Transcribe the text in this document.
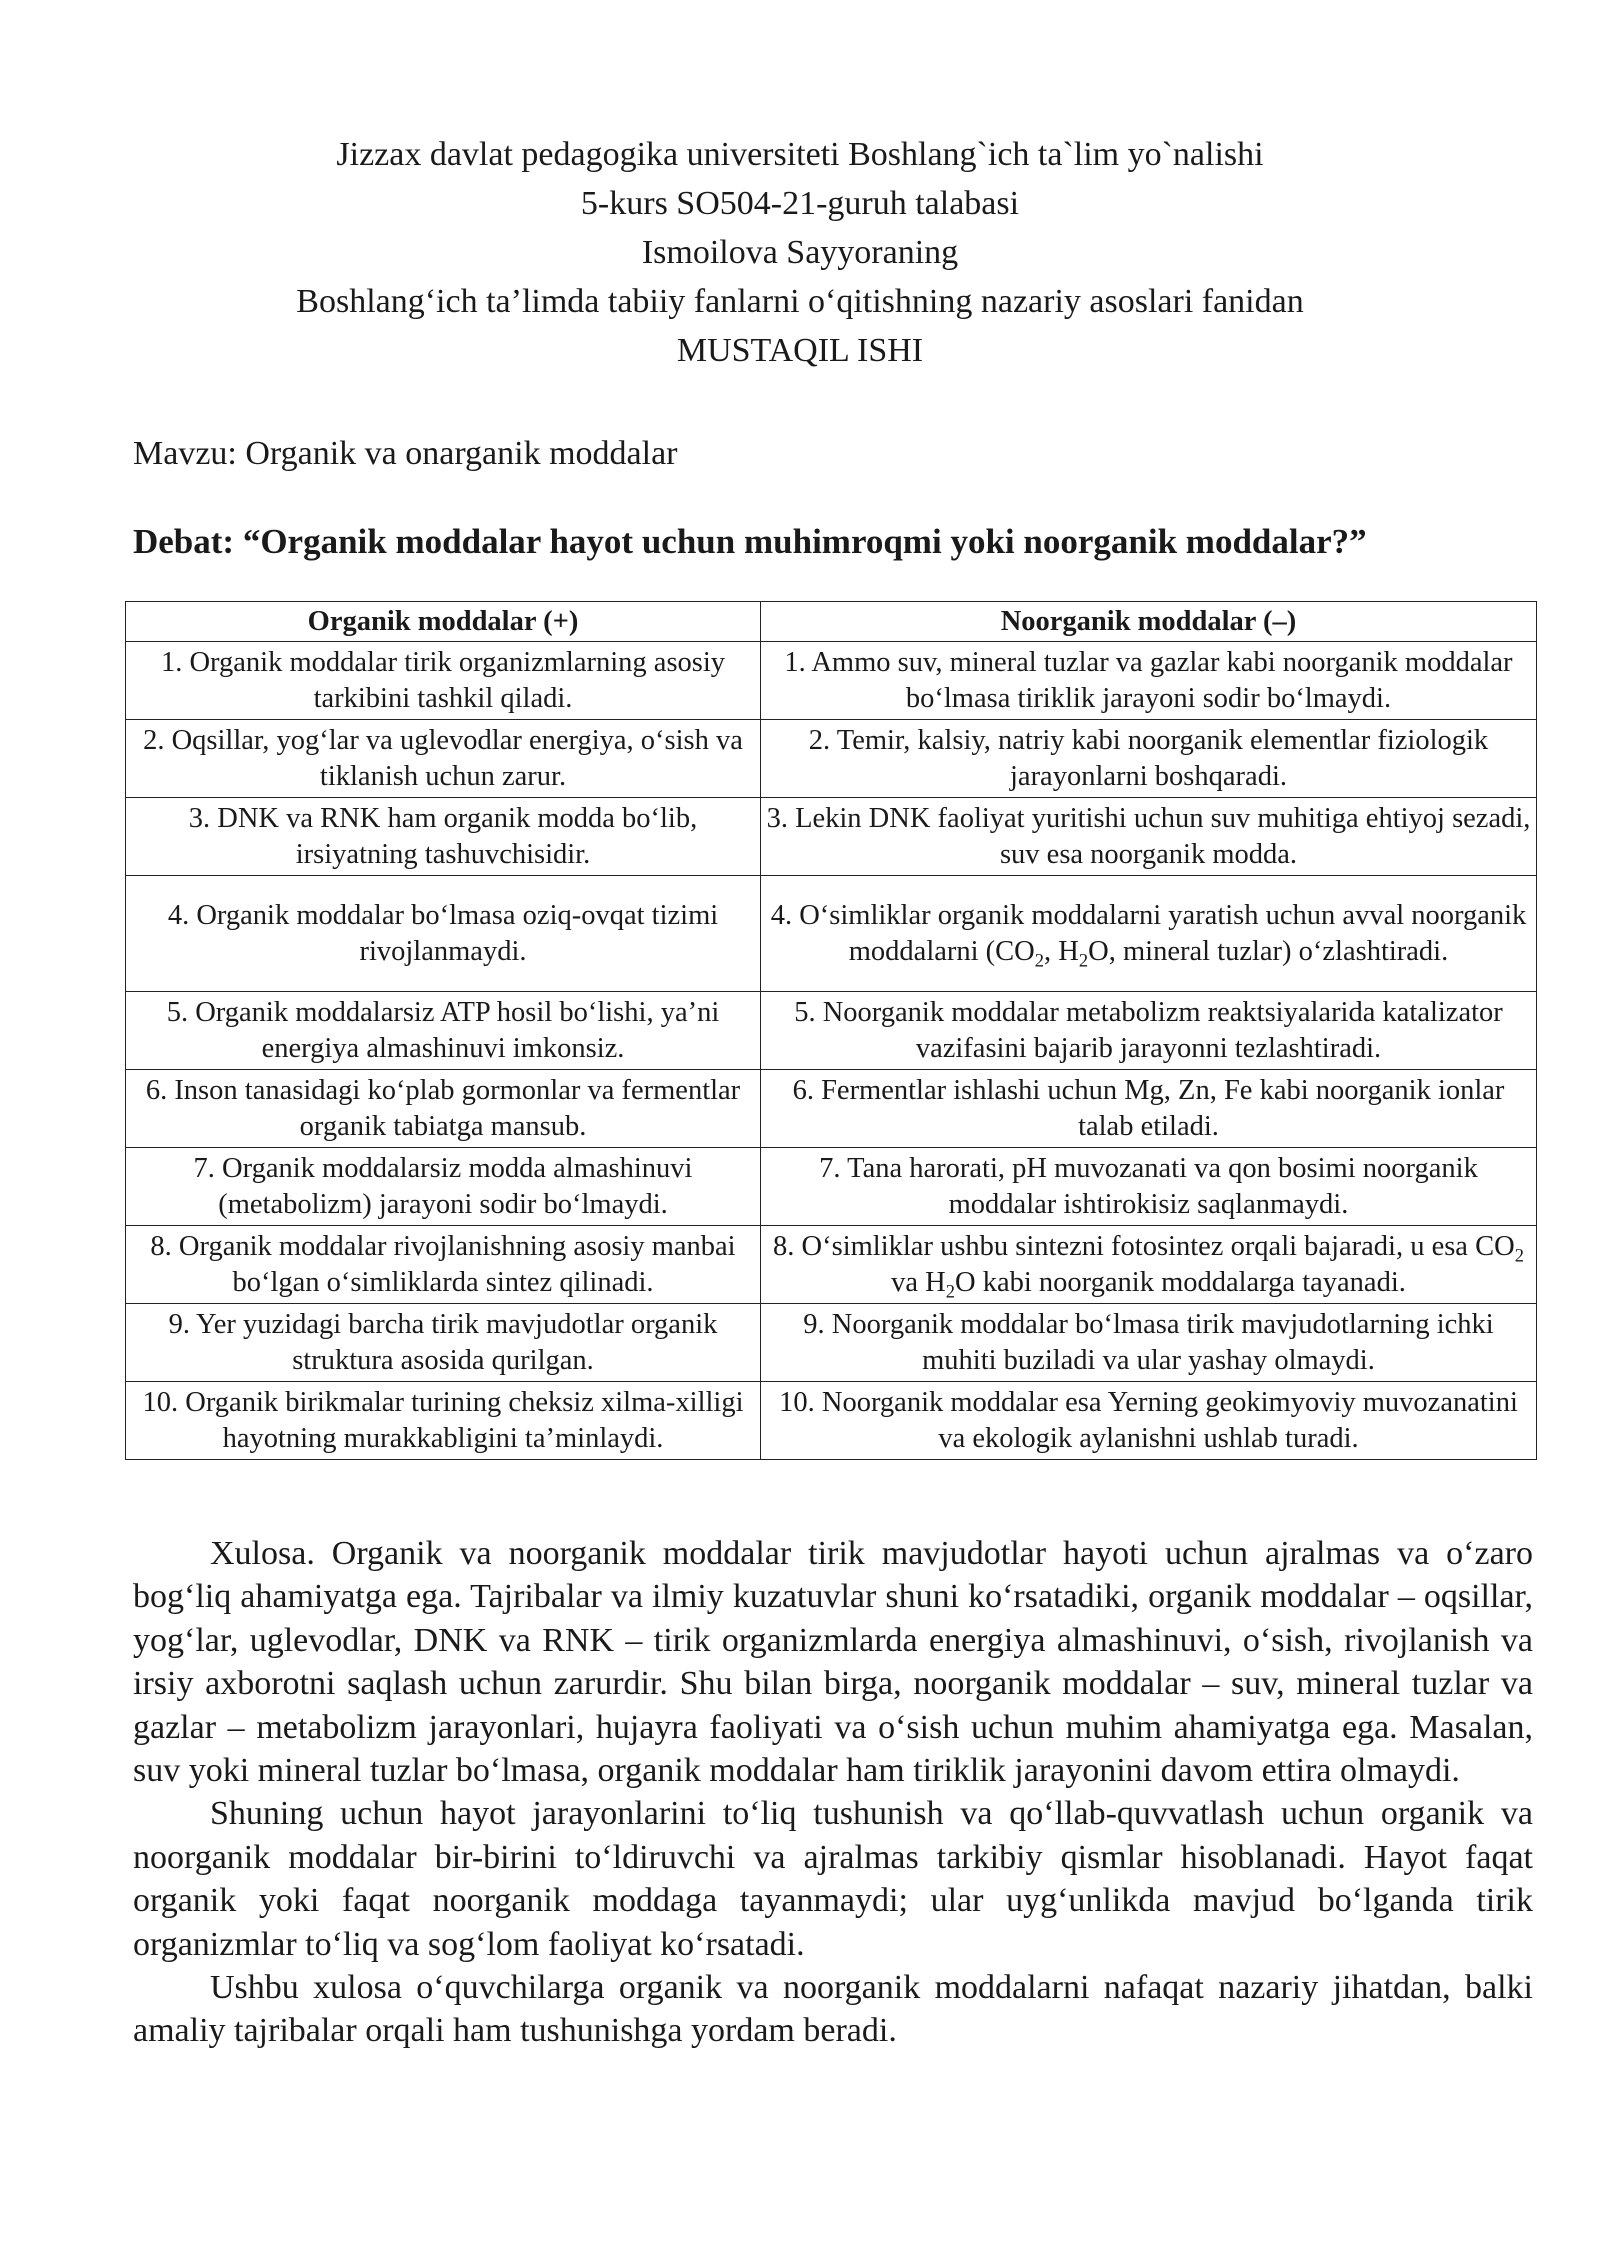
Jizzax davlat pedagogika universiteti Boshlang`ich ta`lim yo`nalishi
5-kurs SO504-21-guruh talabasi
Ismoilova Sayyoraning
Boshlang‘ich ta’limda tabiiy fanlarni o‘qitishning nazariy asoslari fanidan
MUSTAQIL ISHI
Mavzu: Organik va onarganik moddalar
Debat: “Organik moddalar hayot uchun muhimroqmi yoki noorganik moddalar?”
Organik moddalar (+)	Noorganik moddalar (–)
1. Organik moddalar tirik organizmlarning asosiy tarkibini tashkil qiladi.	1. Ammo suv, mineral tuzlar va gazlar kabi noorganik moddalar bo‘lmasa tiriklik jarayoni sodir bo‘lmaydi.
2. Oqsillar, yog‘lar va uglevodlar energiya, o‘sish va tiklanish uchun zarur.	2. Temir, kalsiy, natriy kabi noorganik elementlar fiziologik jarayonlarni boshqaradi.
3. DNK va RNK ham organik modda bo‘lib, irsiyatning tashuvchisidir.	3. Lekin DNK faoliyat yuritishi uchun suv muhitiga ehtiyoj sezadi, suv esa noorganik modda.
4. Organik moddalar bo‘lmasa oziq-ovqat tizimi rivojlanmaydi.	4. O‘simliklar organik moddalarni yaratish uchun avval noorganik moddalarni ($CO_2$, $H_2O$, mineral tuzlar) o‘zlashtiradi.
5. Organik moddalarsiz ATP hosil bo‘lishi, ya’ni energiya almashinuvi imkonsiz.	5. Noorganik moddalar metabolizm reaktsiyalarida katalizator vazifasini bajarib jarayonni tezlashtiradi.
6. Inson tanasidagi ko‘plab gormonlar va fermentlar organik tabiatga mansub.	6. Fermentlar ishlashi uchun Mg, Zn, Fe kabi noorganik ionlar talab etiladi.
7. Organik moddalarsiz modda almashinuvi (metabolizm) jarayoni sodir bo‘lmaydi.	7. Tana harorati, pH muvozanati va qon bosimi noorganik moddalar ishtirokisiz saqlanmaydi.
8. Organik moddalar rivojlanishning asosiy manbai bo‘lgan o‘simliklarda sintez qilinadi.	8. O‘simliklar ushbu sintezni fotosintez orqali bajaradi, u esa $CO_2$ va $H_2O$ kabi noorganik moddalarga tayanadi.
9. Yer yuzidagi barcha tirik mavjudotlar organik struktura asosida qurilgan.	9. Noorganik moddalar bo‘lmasa tirik mavjudotlarning ichki muhiti buziladi va ular yashay olmaydi.
10. Organik birikmalar turining cheksiz xilma-xilligi hayotning murakkabligini ta’minlaydi.	10. Noorganik moddalar esa Yerning geokimyoviy muvozanatini va ekologik aylanishni ushlab turadi.

Xulosa. Organik va noorganik moddalar tirik mavjudotlar hayoti uchun ajralmas va o‘zaro bog‘liq ahamiyatga ega. Tajribalar va ilmiy kuzatuvlar shuni ko‘rsatadiki, organik moddalar – oqsillar, yog‘lar, uglevodlar, DNK va RNK – tirik organizmlarda energiya almashinuvi, o‘sish, rivojlanish va irsiy axborotni saqlash uchun zarurdir. Shu bilan birga, noorganik moddalar – suv, mineral tuzlar va gazlar – metabolizm jarayonlari, hujayra faoliyati va o‘sish uchun muhim ahamiyatga ega. Masalan, suv yoki mineral tuzlar bo‘lmasa, organik moddalar ham tiriklik jarayonini davom ettira olmaydi.

Shuning uchun hayot jarayonlarini to‘liq tushunish va qo‘llab-quvvatlash uchun organik va noorganik moddalar bir-birini to‘ldiruvchi va ajralmas tarkibiy qismlar hisoblanadi. Hayot faqat organik yoki faqat noorganik moddaga tayanmaydi; ular uyg‘unlikda mavjud bo‘lganda tirik organizmlar to‘liq va sog‘lom faoliyat ko‘rsatadi.

Ushbu xulosa o‘quvchilarga organik va noorganik moddalarni nafaqat nazariy jihatdan, balki amaliy tajribalar orqali ham tushunishga yordam beradi.
